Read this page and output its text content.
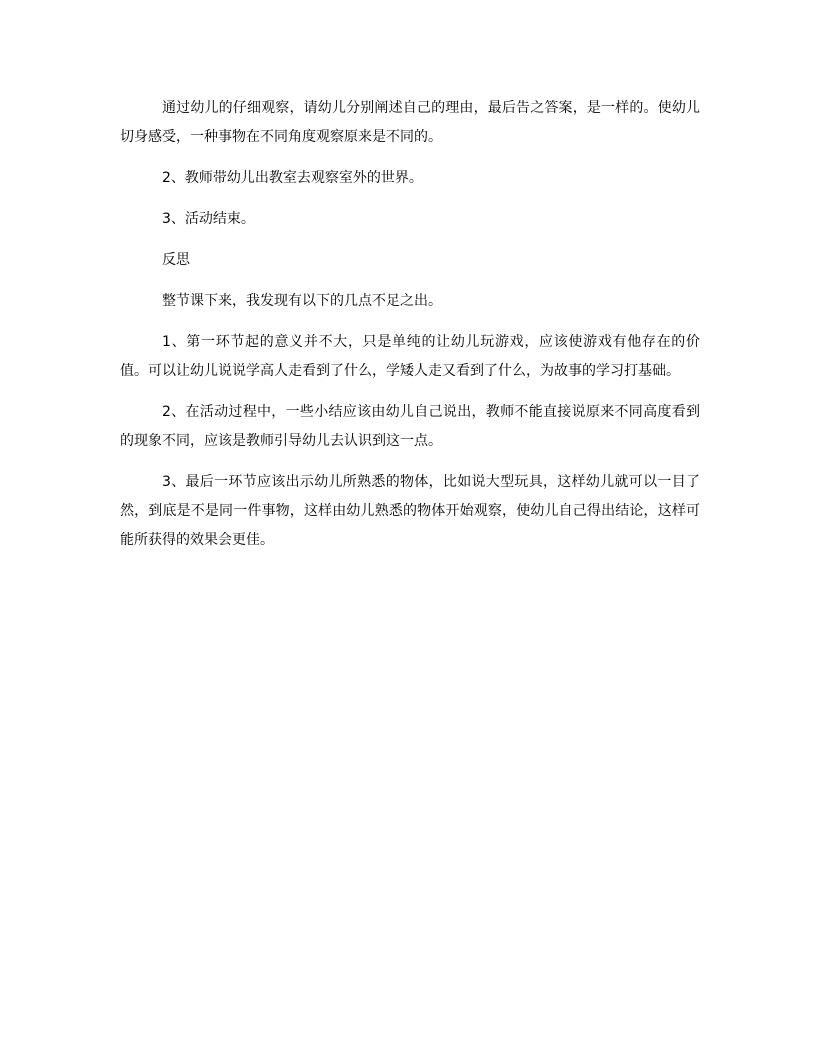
通过幼儿的仔细观察，请幼儿分别阐述自己的理由，最后告之答案，是一样的。使幼儿切身感受，一种事物在不同角度观察原来是不同的。

2、教师带幼儿出教室去观察室外的世界。

3、活动结束。

反思

整节课下来，我发现有以下的几点不足之出。

1、第一环节起的意义并不大，只是单纯的让幼儿玩游戏，应该使游戏有他存在的价值。可以让幼儿说说学高人走看到了什么，学矮人走又看到了什么，为故事的学习打基础。

2、在活动过程中，一些小结应该由幼儿自己说出，教师不能直接说原来不同高度看到的现象不同，应该是教师引导幼儿去认识到这一点。

3、最后一环节应该出示幼儿所熟悉的物体，比如说大型玩具，这样幼儿就可以一目了然，到底是不是同一件事物，这样由幼儿熟悉的物体开始观察，使幼儿自己得出结论，这样可能所获得的效果会更佳。
